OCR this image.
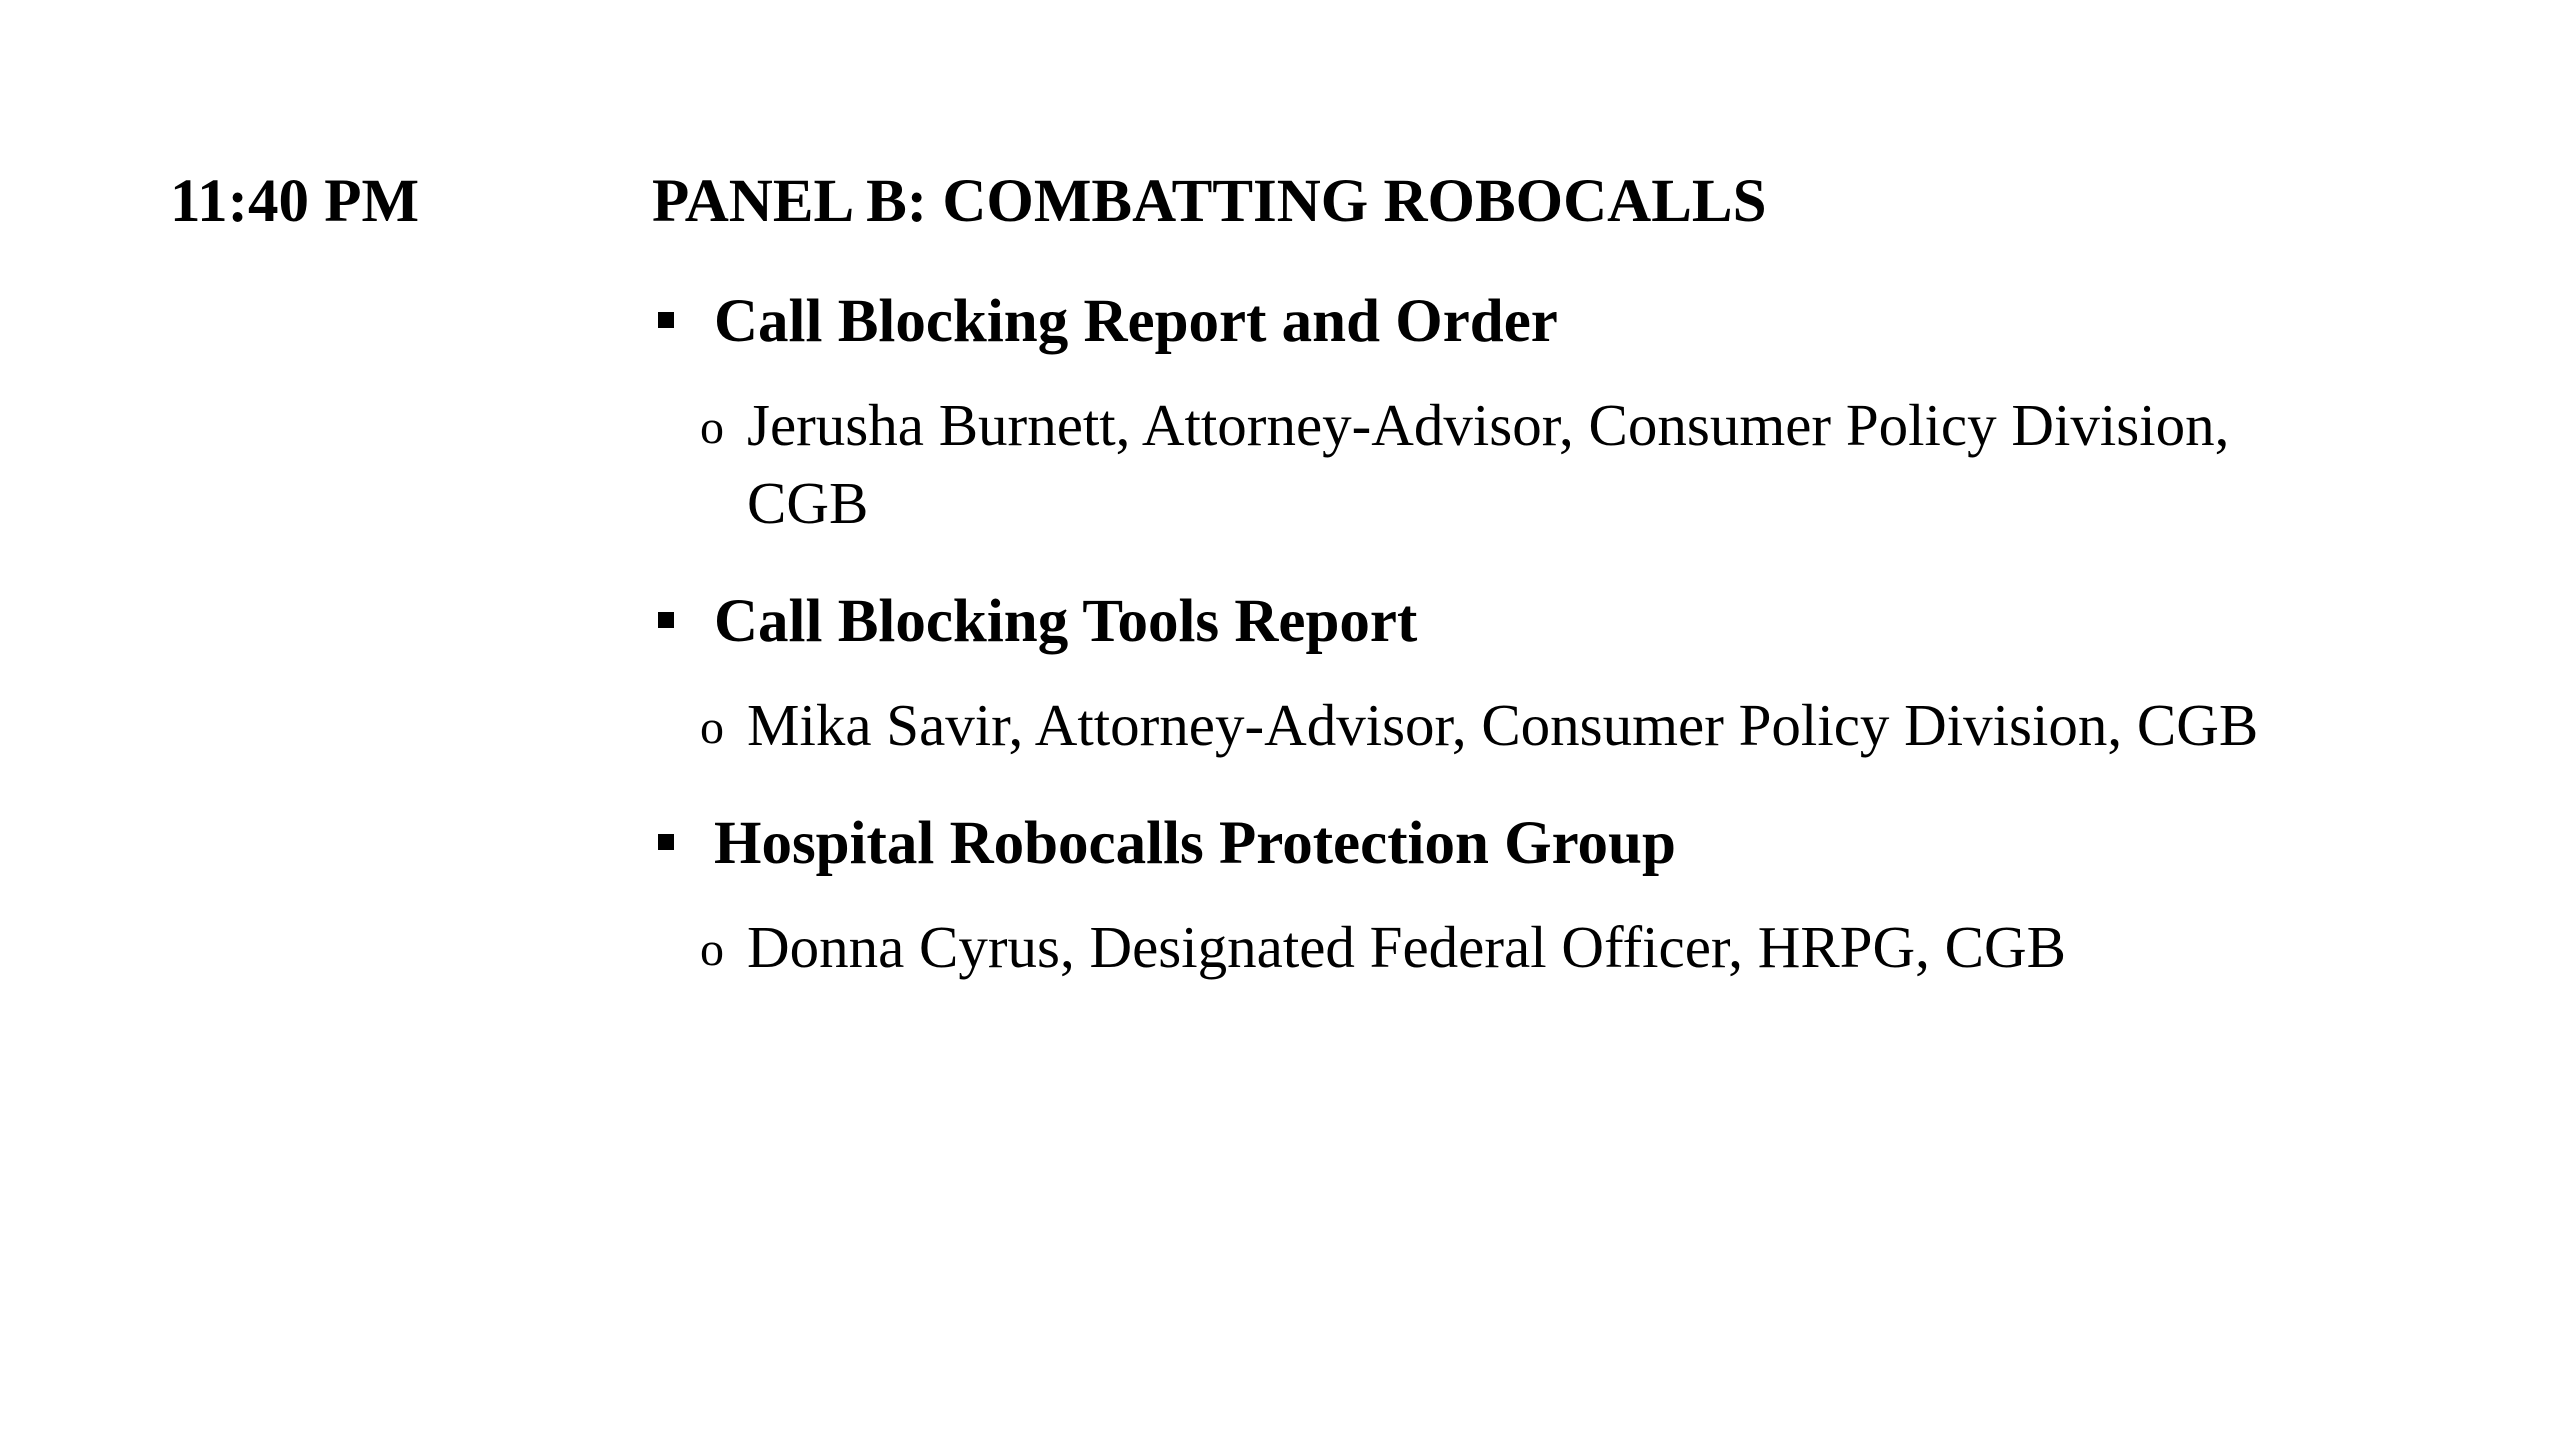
11:40 PM	PANEL B: COMBATTING ROBOCALLS
Call Blocking Report and Order
o Jerusha Burnett, Attorney-Advisor, Consumer Policy Division, CGB
Call Blocking Tools Report
o Mika Savir, Attorney-Advisor, Consumer Policy Division, CGB
Hospital Robocalls Protection Group
o Donna Cyrus, Designated Federal Officer, HRPG, CGB
